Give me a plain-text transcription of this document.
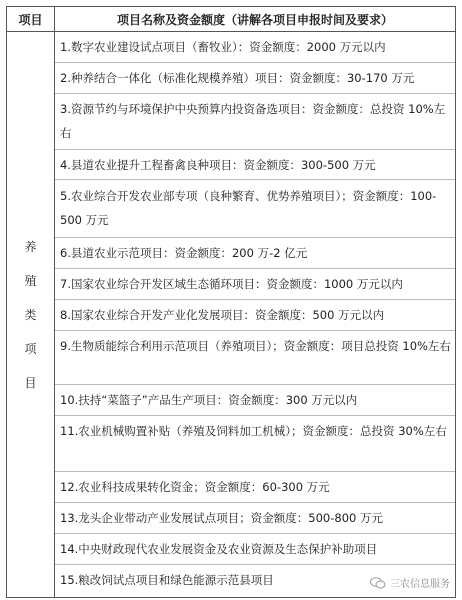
项目	项目名称及资金额度（讲解各项目申报时间及要求）
养
殖
类
项
目
1.数字农业建设试点项目（畜牧业）：资金额度：2000 万元以内
2.种养结合一体化（标准化规模养殖）项目：资金额度：30-170 万元
3.资源节约与环境保护中央预算内投资备选项目：资金额度：总投资 10%左右
4.县道农业提升工程畜禽良种项目：资金额度：300-500 万元
5.农业综合开发农业部专项（良种繁育、优势养殖项目）；资金额度：100-500 万元
6.县道农业示范项目：资金额度：200 万-2 亿元
7.国家农业综合开发区域生态循环项目：资金额度：1000 万元以内
8.国家农业综合开发产业化发展项目：资金额度：500 万元以内
9.生物质能综合利用示范项目（养殖项目）；资金额度：项目总投资 10%左右
10.扶持“菜篮子”产品生产项目：资金额度：300 万元以内
11.农业机械购置补贴（养殖及饲料加工机械）；资金额度：总投资 30%左右
12.农业科技成果转化资金；资金额度：60-300 万元
13.龙头企业带动产业发展试点项目；资金额度：500-800 万元
14.中央财政现代农业发展资金及农业资源及生态保护补助项目
15.粮改饲试点项目和绿色能源示范县项目	三农信息服务
